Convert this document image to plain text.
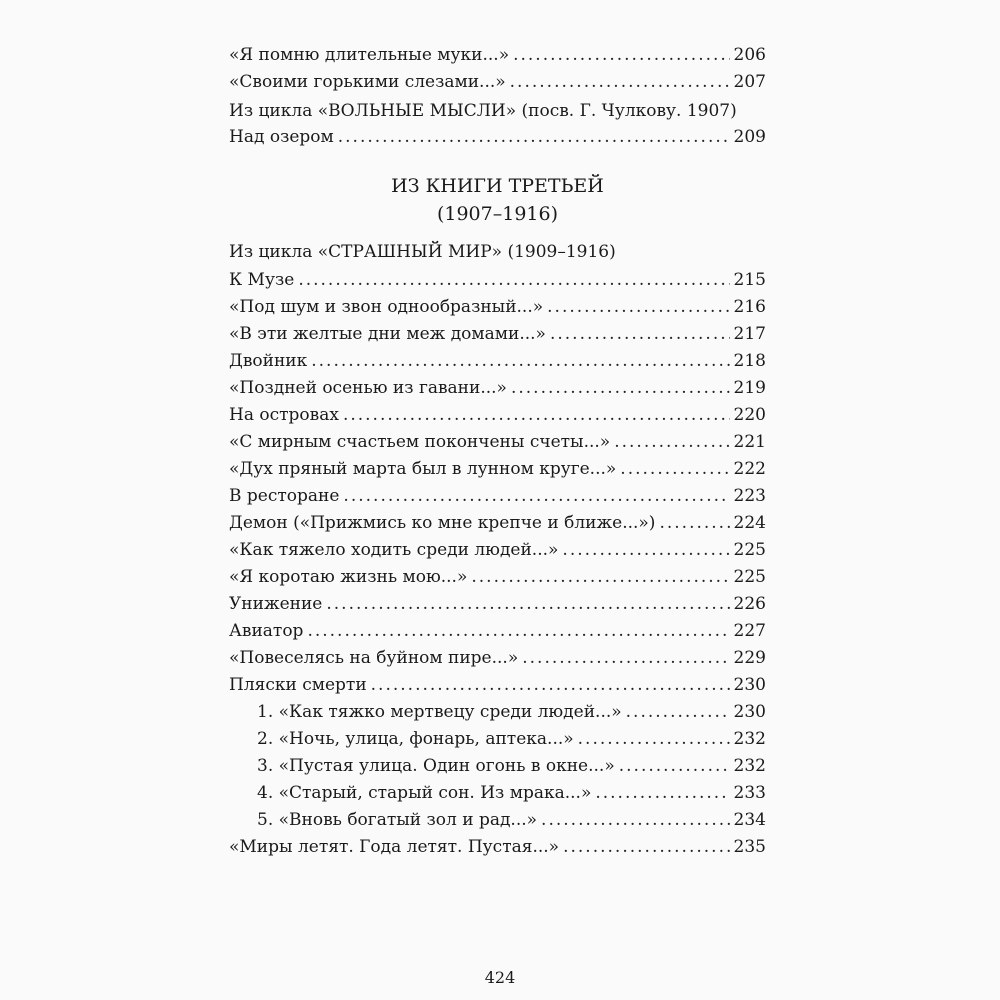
«Я помню длительные муки...» .....	206
«Своими горькими слезами...» .....	207
Из цикла «ВОЛЬНЫЕ МЫСЛИ» (посв. Г. Чулкову. 1907)
Над озером .....	209
ИЗ КНИГИ ТРЕТЬЕЙ
(1907–1916)
Из цикла «СТРАШНЫЙ МИР» (1909–1916)
К Музе .....	215
«Под шум и звон однообразный...» .....	216
«В эти желтые дни меж домами...» .....	217
Двойник .....	218
«Поздней осенью из гавани...» .....	219
На островах .....	220
«С мирным счастьем покончены счеты...» .....	221
«Дух пряный марта был в лунном круге...» .....	222
В ресторане .....	223
Демон («Прижмись ко мне крепче и ближе...») .....	224
«Как тяжело ходить среди людей...» .....	225
«Я коротаю жизнь мою...» .....	225
Унижение .....	226
Авиатор .....	227
«Повеселясь на буйном пире...» .....	229
Пляски смерти .....	230
1. «Как тяжко мертвецу среди людей...» .....	230
2. «Ночь, улица, фонарь, аптека...» .....	232
3. «Пустая улица. Один огонь в окне...» .....	232
4. «Старый, старый сон. Из мрака...» .....	233
5. «Вновь богатый зол и рад...» .....	234
«Миры летят. Года летят. Пустая...» .....	235
424
